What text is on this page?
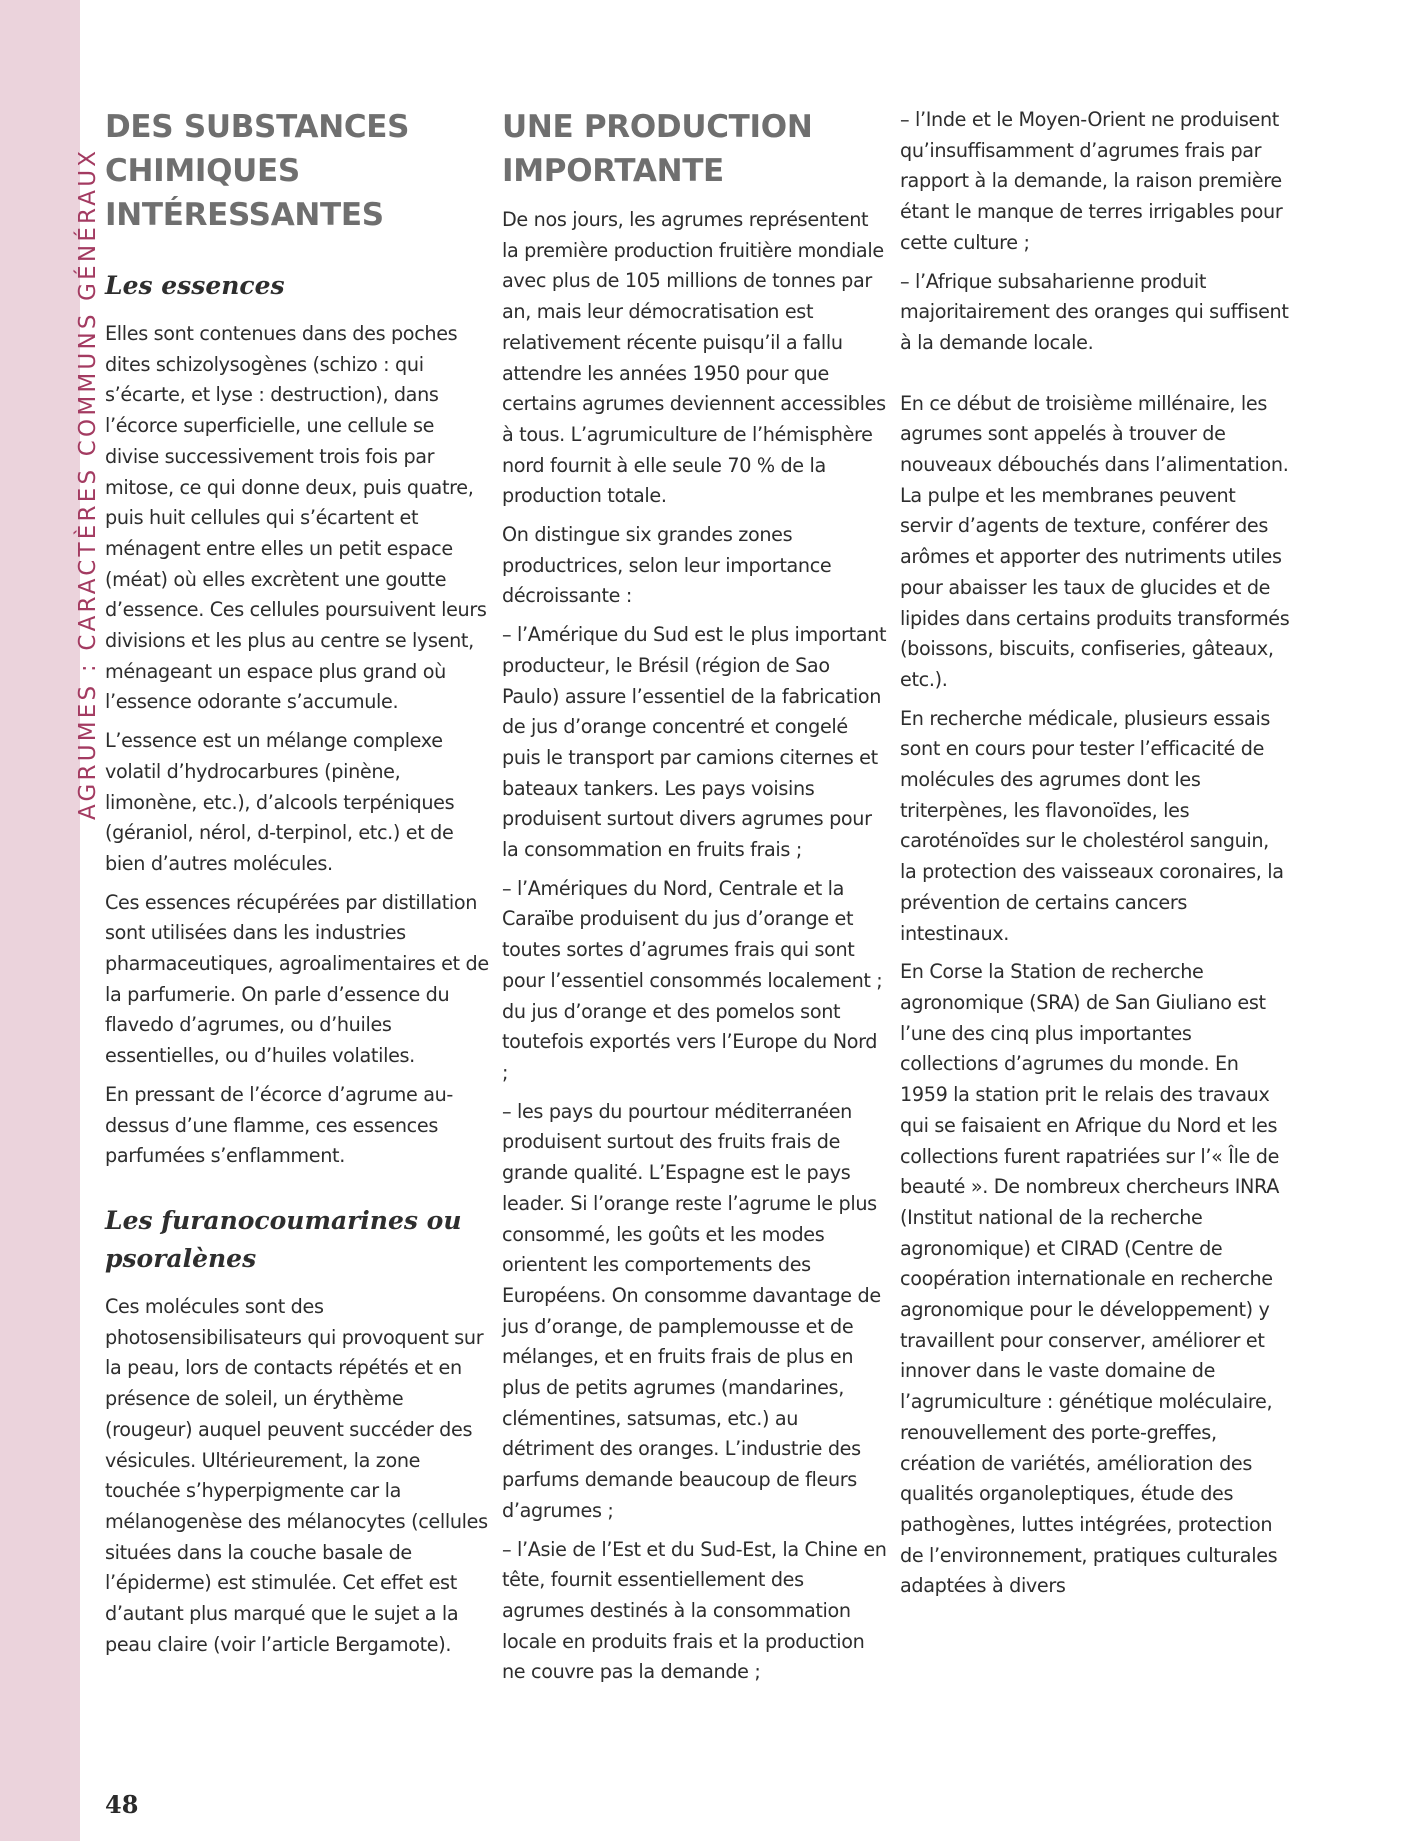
AGRUMES : CARACTÈRES COMMUNS GÉNÉRAUX
DES SUBSTANCES CHIMIQUES INTÉRESSANTES
Les essences

Elles sont contenues dans des poches dites schizolysogènes (schizo : qui s’écarte, et lyse : destruction), dans l’écorce superficielle, une cellule se divise successivement trois fois par mitose, ce qui donne deux, puis quatre, puis huit cellules qui s’écartent et ménagent entre elles un petit espace (méat) où elles excrètent une goutte d’essence. Ces cellules poursuivent leurs divisions et les plus au centre se lysent, ménageant un espace plus grand où l’essence odorante s’accumule.

L’essence est un mélange complexe volatil d’hydrocarbures (pinène, limonène, etc.), d’alcools terpéniques (géraniol, nérol, d-terpinol, etc.) et de bien d’autres molécules.

Ces essences récupérées par distillation sont utilisées dans les industries pharmaceutiques, agroalimentaires et de la parfumerie. On parle d’essence du flavedo d’agrumes, ou d’huiles essentielles, ou d’huiles volatiles.

En pressant de l’écorce d’agrume au-dessus d’une flamme, ces essences parfumées s’enflamment.

Les furanocoumarines ou psoralènes

Ces molécules sont des photosensibilisateurs qui provoquent sur la peau, lors de contacts répétés et en présence de soleil, un érythème (rougeur) auquel peuvent succéder des vésicules. Ultérieurement, la zone touchée s’hyperpigmente car la mélanogenèse des mélanocytes (cellules situées dans la couche basale de l’épiderme) est stimulée. Cet effet est d’autant plus marqué que le sujet a la peau claire (voir l’article Bergamote).

UNE PRODUCTION IMPORTANTE

De nos jours, les agrumes représentent la première production fruitière mondiale avec plus de 105 millions de tonnes par an, mais leur démocratisation est relativement récente puisqu’il a fallu attendre les années 1950 pour que certains agrumes deviennent accessibles à tous. L’agrumiculture de l’hémisphère nord fournit à elle seule 70 % de la production totale.

On distingue six grandes zones productrices, selon leur importance décroissante :

– l’Amérique du Sud est le plus important producteur, le Brésil (région de Sao Paulo) assure l’essentiel de la fabrication de jus d’orange concentré et congelé puis le transport par camions citernes et bateaux tankers. Les pays voisins produisent surtout divers agrumes pour la consommation en fruits frais ;

– l’Amériques du Nord, Centrale et la Caraïbe produisent du jus d’orange et toutes sortes d’agrumes frais qui sont pour l’essentiel consommés localement ; du jus d’orange et des pomelos sont toutefois exportés vers l’Europe du Nord ;

– les pays du pourtour méditerranéen produisent surtout des fruits frais de grande qualité. L’Espagne est le pays leader. Si l’orange reste l’agrume le plus consommé, les goûts et les modes orientent les comportements des Européens. On consomme davantage de jus d’orange, de pamplemousse et de mélanges, et en fruits frais de plus en plus de petits agrumes (mandarines, clémentines, satsumas, etc.) au détriment des oranges. L’industrie des parfums demande beaucoup de fleurs d’agrumes ;

– l’Asie de l’Est et du Sud-Est, la Chine en tête, fournit essentiellement des agrumes destinés à la consommation locale en produits frais et la production ne couvre pas la demande ;

– l’Inde et le Moyen-Orient ne produisent qu’insuffisamment d’agrumes frais par rapport à la demande, la raison première étant le manque de terres irrigables pour cette culture ;

– l’Afrique subsaharienne produit majoritairement des oranges qui suffisent à la demande locale.

En ce début de troisième millénaire, les agrumes sont appelés à trouver de nouveaux débouchés dans l’alimentation. La pulpe et les membranes peuvent servir d’agents de texture, conférer des arômes et apporter des nutriments utiles pour abaisser les taux de glucides et de lipides dans certains produits transformés (boissons, biscuits, confiseries, gâteaux, etc.).

En recherche médicale, plusieurs essais sont en cours pour tester l’efficacité de molécules des agrumes dont les triterpènes, les flavonoïdes, les caroténoïdes sur le cholestérol sanguin, la protection des vaisseaux coronaires, la prévention de certains cancers intestinaux.

En Corse la Station de recherche agronomique (SRA) de San Giuliano est l’une des cinq plus importantes collections d’agrumes du monde. En 1959 la station prit le relais des travaux qui se faisaient en Afrique du Nord et les collections furent rapatriées sur l’« Île de beauté ». De nombreux chercheurs INRA (Institut national de la recherche agronomique) et CIRAD (Centre de coopération internationale en recherche agronomique pour le développement) y travaillent pour conserver, améliorer et innover dans le vaste domaine de l’agrumiculture : génétique moléculaire, renouvellement des porte-greffes, création de variétés, amélioration des qualités organoleptiques, étude des pathogènes, luttes intégrées, protection de l’environnement, pratiques culturales adaptées à divers

48
